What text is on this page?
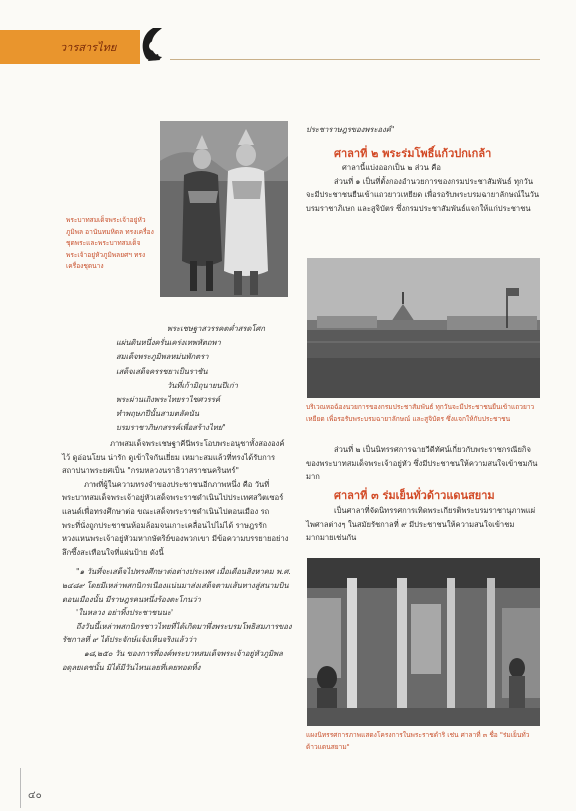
วารสารไทย
พระบาทสมเด็จพระเจ้าอยู่หัวภูมิพล อานันทมหิดล ทรงเครื่องชุดพระและพระบาทสมเด็จพระเจ้าอยู่หัวภูมิพลยศฯ ทรงเครื่องชุดนาง
พระเชษฐาสวรรคตค่ำสรดโศก
แผ่นดินหนึ่งครั่นเคร่งเทพหัตถพา
สมเด็จพระภูมิพลหม่นพักตรา
เสด็จเสด็จครรชยาเป็นราชัน
วันที่เก้ามิถุนายนปีเก่า
พระผ่านเถิงพระไทยราไชศวรรค์
ทำพฤษภปีนั้นสามตลัคนัน
บรมราชาภิษกสรรค์เพื่อสร้างไทย"

ภาพสมเด็จพระเชษฐาคีนีพระโอบพระอนุชาทั้งสององค์ไว้ ดูอ่อนโยน น่ารัก ดูเข้าใจกันเยี่ยม เหมาะสมแล้วที่ทรงได้รับการสถาปนาพระยศเป็น "กรมหลวงนราธิวาสราชนครินทร์"

ภาพที่ผู้ในความทรงจำของประชาชนอีกภาพหนึ่ง คือ วันที่พระบาทสมเด็จพระเจ้าอยู่หัวเสด็จพระราชดำเนินไปประเทศสวิตเซอร์แลนด์เพื่อทรงศึกษาต่อ ขณะเสด็จพระราชดำเนินไปตอนเมือง รถพระที่นั่งถูกประชาชนห้อมล้อมจนเกาะเคลื่อนไปไม่ได้ ราษฎรรัก หวงแหนพระเจ้าอยู่หัวมหากษัตริย์ของพวกเขา มีข้อความบรรยายอย่างลึกซึ้งสะเทือนใจที่แผ่นป้าย ดังนี้

"๑ วันที่จะเสด็จไปทรงศึกษาต่อต่างประเทศ เมื่อเดือนสิงหาคม พ.ศ. ๒๔๘๙ โดยมีเหล่าพสกนิกรเนืองแน่นมาส่งเสด็จตามเส้นทางสู่สนามบินดอนเมืองนั้น มีราษฎรคนหนึ่งร้องตะโกนว่า

'ในหลวง อย่าทิ้งประชาชนนะ'

ถึงวันนี้เหล่าพสกนิกรชาวไทยที่ได้เกิดมาพึ่งพระบรมโพธิสมภารของรัชกาลที่ ๙ ได้ประจักษ์แจ้งเห็นจริงแล้วว่า

๑๘,๒๕๐ วัน ของการที่องค์พระบาทสมเด็จพระเจ้าอยู่หัวภูมิพลอดุลยเดชนั้น มิได้มีวันไหนเลยที่เคยทอดทิ้ง

ประชาราษฎรของพระองค์"
ศาลาที่ ๒ พระร่มโพธิ์แก้วปกเกล้า

ศาลานี้แบ่งออกเป็น ๒ ส่วน คือ

ส่วนที่ ๑ เป็นที่ตั้งกองอำนวยการของกรมประชาสัมพันธ์ ทุกวันจะมีประชาชนยืนเข้าแถวยาวเหยียด เพื่อรอรับพระบรมฉายาลักษณ์ในวันบรมราชาภิเษก และสูจิบัตร ซึ่งกรมประชาสัมพันธ์แจกให้แก่ประชาชน

บริเวณหอฉ้องนวยการของกรมประชาสัมพันธ์ ทุกวันจะมีประชาชนยืนเข้าแถวยาวเหยียด เพื่อรอรับพระบรมฉายาลักษณ์ และสูจิบัตร ซึ่งแจกให้กับประชาชน

ส่วนที่ ๒ เป็นนิทรรศการฉายวีดีทัศน์เกี่ยวกับพระราชกรณียกิจของพระบาทสมเด็จพระเจ้าอยู่หัว ซึ่งมีประชาชนให้ความสนใจเข้าชมกันมาก

ศาลาที่ ๓ ร่มเย็นทั่วด้าวแดนสยาม

เป็นศาลาที่จัดนิทรรศการเทิดพระเกียรติพระบรมราชานุภาพแผ่ไพศาลต่างๆ ในสมัยรัชกาลที่ ๙ มีประชาชนให้ความสนใจเข้าชมมากมายเช่นกัน

แผงนิทรรศการภาพแสดงโครงการในพระราชดำริ เช่น ศาลาที่ ๓ ชื่อ "ร่มเย็นทั่วด้าวแดนสยาม"
๔๐
